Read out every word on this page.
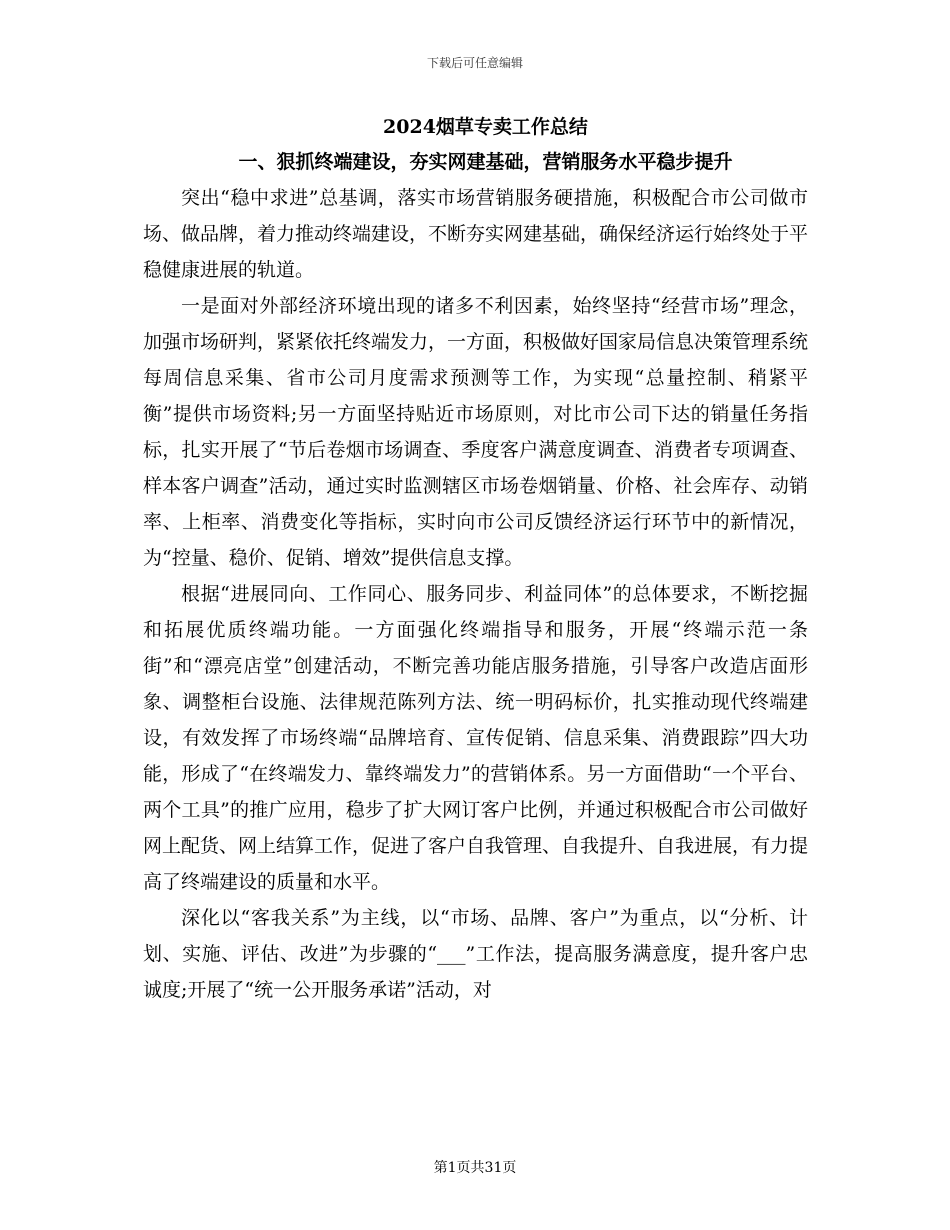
下载后可任意编辑
2024烟草专卖工作总结
一、狠抓终端建设，夯实网建基础，营销服务水平稳步提升

突出“稳中求进”总基调，落实市场营销服务硬措施，积极配合市公司做市场、做品牌，着力推动终端建设，不断夯实网建基础，确保经济运行始终处于平稳健康进展的轨道。

一是面对外部经济环境出现的诸多不利因素，始终坚持“经营市场”理念，加强市场研判，紧紧依托终端发力，一方面，积极做好国家局信息决策管理系统每周信息采集、省市公司月度需求预测等工作，为实现“总量控制、稍紧平衡”提供市场资料;另一方面坚持贴近市场原则，对比市公司下达的销量任务指标，扎实开展了“节后卷烟市场调查、季度客户满意度调查、消费者专项调查、样本客户调查”活动，通过实时监测辖区市场卷烟销量、价格、社会库存、动销率、上柜率、消费变化等指标，实时向市公司反馈经济运行环节中的新情况，为“控量、稳价、促销、增效”提供信息支撑。

根据“进展同向、工作同心、服务同步、利益同体”的总体要求，不断挖掘和拓展优质终端功能。一方面强化终端指导和服务，开展“终端示范一条街”和“漂亮店堂”创建活动，不断完善功能店服务措施，引导客户改造店面形象、调整柜台设施、法律规范陈列方法、统一明码标价，扎实推动现代终端建设，有效发挥了市场终端“品牌培育、宣传促销、信息采集、消费跟踪”四大功能，形成了“在终端发力、靠终端发力”的营销体系。另一方面借助“一个平台、两个工具”的推广应用，稳步了扩大网订客户比例，并通过积极配合市公司做好网上配货、网上结算工作，促进了客户自我管理、自我提升、自我进展，有力提高了终端建设的质量和水平。

深化以“客我关系”为主线，以“市场、品牌、客户”为重点，以“分析、计划、实施、评估、改进”为步骤的“___”工作法，提高服务满意度，提升客户忠诚度;开展了“统一公开服务承诺”活动，对

第1页共31页
